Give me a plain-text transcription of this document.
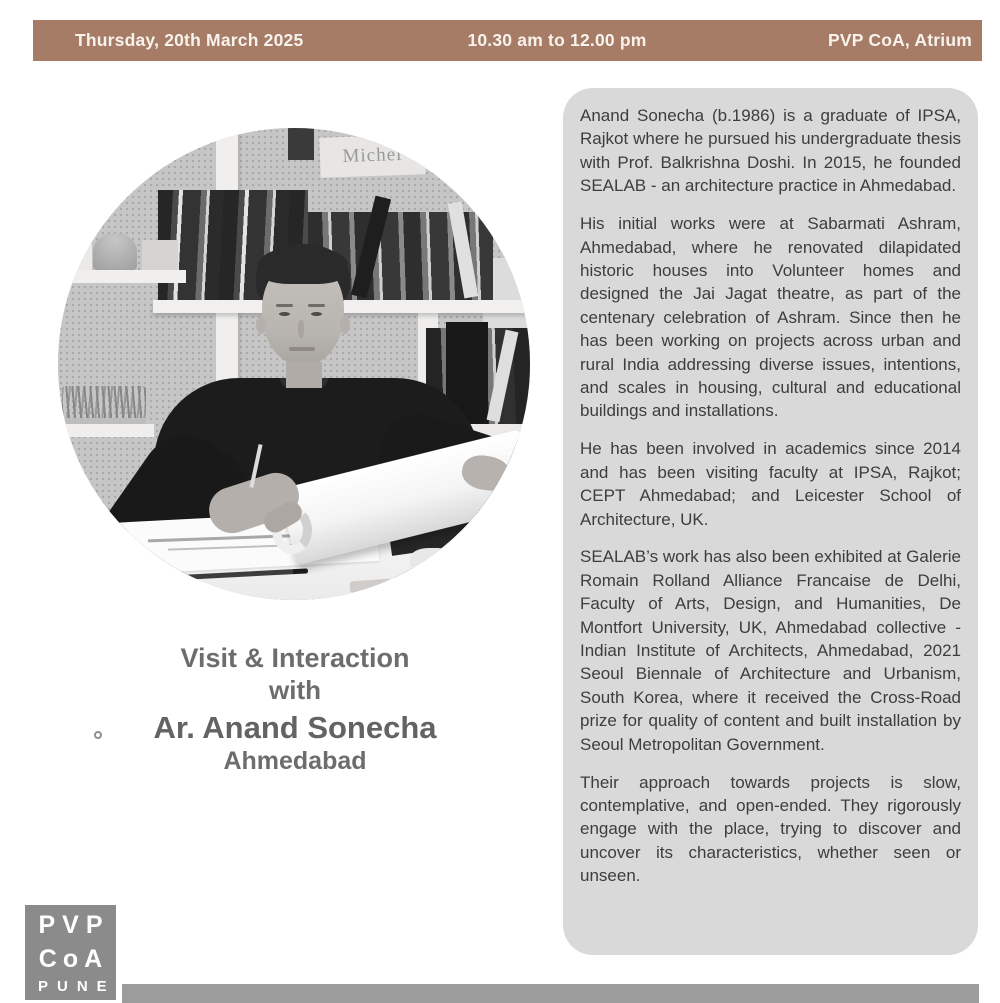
Thursday, 20th March 2025	10.30 am to 12.00 pm	PVP CoA, Atrium
Michel
Visit & Interaction
with
Ar. Anand Sonecha
Ahmedabad

Anand Sonecha (b.1986) is a graduate of IPSA, Rajkot where he pursued his undergraduate thesis with Prof. Balkrishna Doshi. In 2015, he founded SEALAB - an architecture practice in Ahmedabad.

His initial works were at Sabarmati Ashram, Ahmedabad, where he renovated dilapidated historic houses into Volunteer homes and designed the Jai Jagat theatre, as part of the centenary celebration of Ashram. Since then he has been working on projects across urban and rural India addressing diverse issues, intentions, and scales in housing, cultural and educational buildings and installations.

He has been involved in academics since 2014 and has been visiting faculty at IPSA, Rajkot; CEPT Ahmedabad; and Leicester School of Architecture, UK.

SEALAB’s work has also been exhibited at Galerie Romain Rolland Alliance Francaise de Delhi, Faculty of Arts, Design, and Humanities, De Montfort University, UK, Ahmedabad collective - Indian Institute of Architects, Ahmedabad, 2021 Seoul Biennale of Architecture and Urbanism, South Korea, where it received the Cross-Road prize for quality of content and built installation by Seoul Metropolitan Government.

Their approach towards projects is slow, contemplative, and open-ended. They rigorously engage with the place, trying to discover and uncover its characteristics, whether seen or unseen.

PVP
CoA
PUNE
